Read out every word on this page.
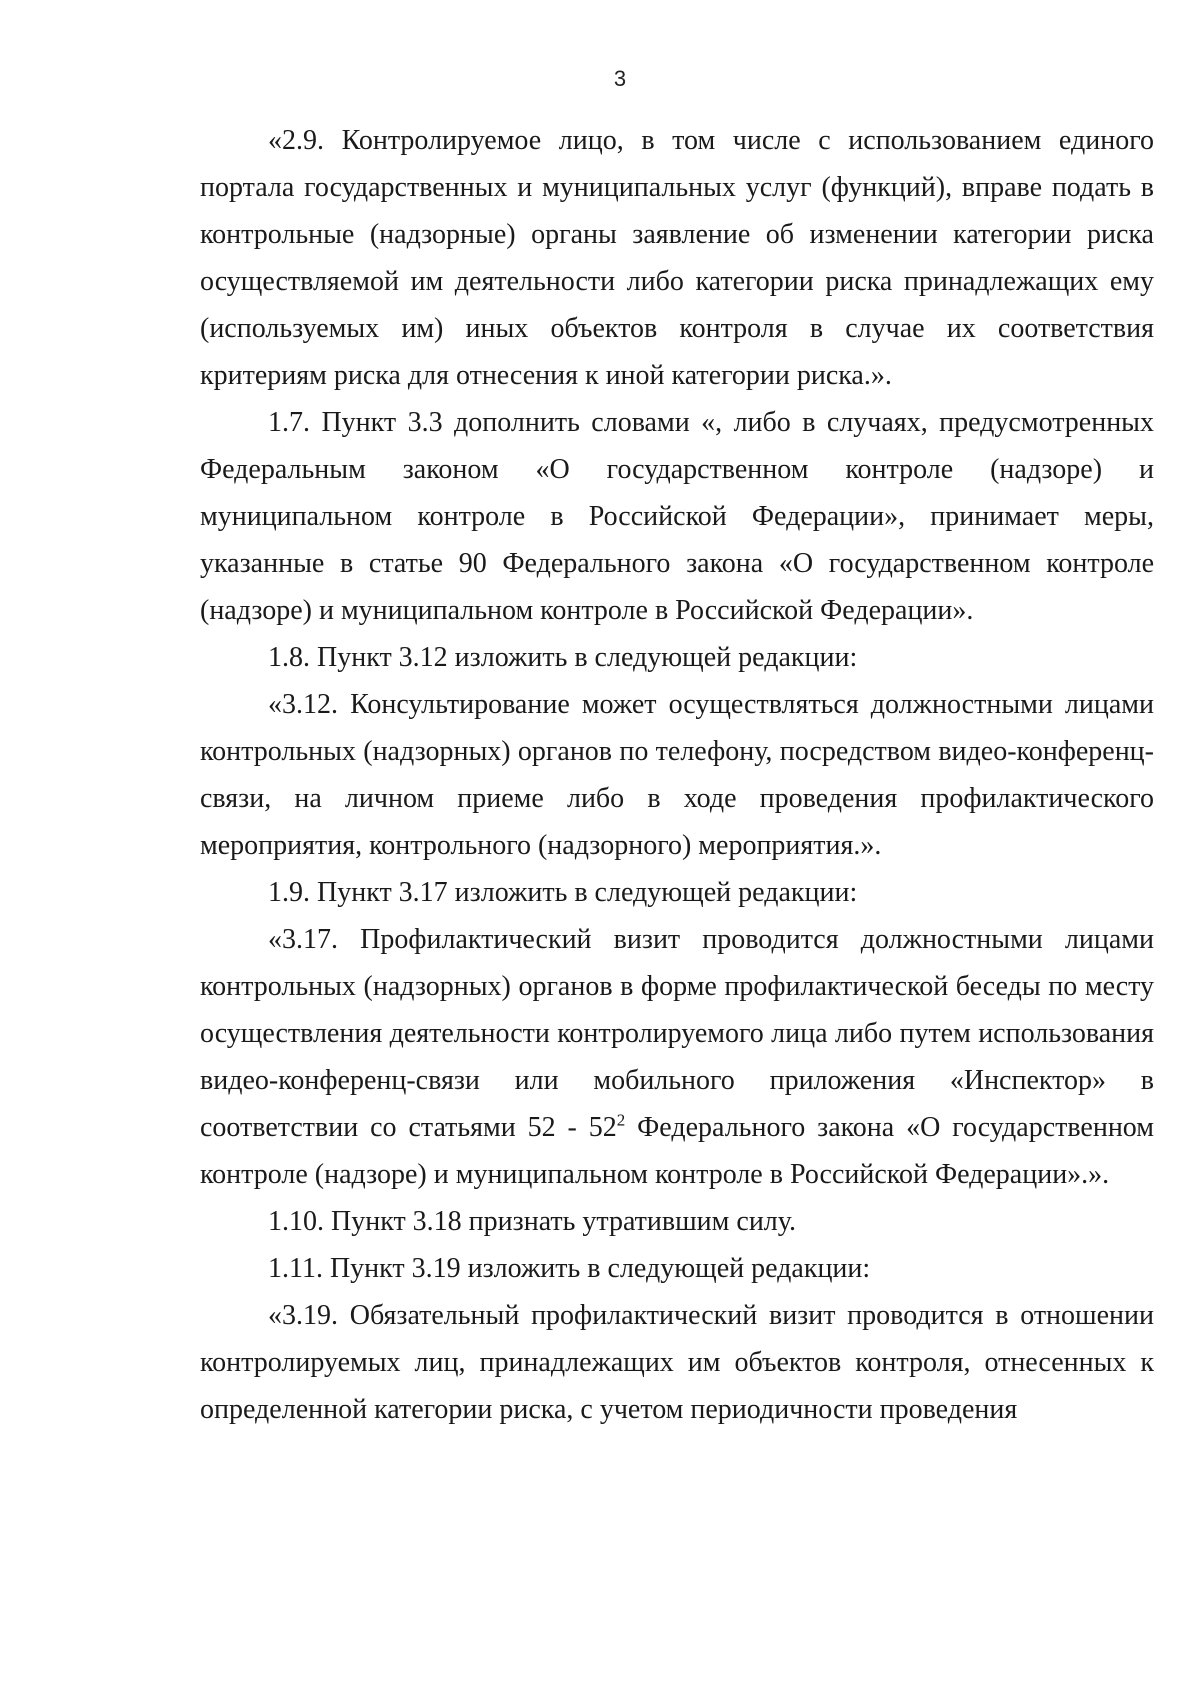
3

«2.9. Контролируемое лицо, в том числе с использованием единого портала государственных и муниципальных услуг (функций), вправе подать в контрольные (надзорные) органы заявление об изменении категории риска осуществляемой им деятельности либо категории риска принадлежащих ему (используемых им) иных объектов контроля в случае их соответствия критериям риска для отнесения к иной категории риска.».

1.7. Пункт 3.3 дополнить словами «, либо в случаях, предусмотренных Федеральным законом «О государственном контроле (надзоре) и муниципальном контроле в Российской Федерации», принимает меры, указанные в статье 90 Федерального закона «О государственном контроле (надзоре) и муниципальном контроле в Российской Федерации».

1.8. Пункт 3.12 изложить в следующей редакции:

«3.12. Консультирование может осуществляться должностными лицами контрольных (надзорных) органов по телефону, посредством видео-конференц-связи, на личном приеме либо в ходе проведения профилактического мероприятия, контрольного (надзорного) мероприятия.».

1.9. Пункт 3.17 изложить в следующей редакции:

«3.17. Профилактический визит проводится должностными лицами контрольных (надзорных) органов в форме профилактической беседы по месту осуществления деятельности контролируемого лица либо путем использования видео-конференц-связи или мобильного приложения «Инспектор» в соответствии со статьями $52 - 52^2$ Федерального закона «О государственном контроле (надзоре) и муниципальном контроле в Российской Федерации».».

1.10. Пункт 3.18 признать утратившим силу.

1.11. Пункт 3.19 изложить в следующей редакции:

«3.19. Обязательный профилактический визит проводится в отношении контролируемых лиц, принадлежащих им объектов контроля, отнесенных к определенной категории риска, с учетом периодичности проведения
